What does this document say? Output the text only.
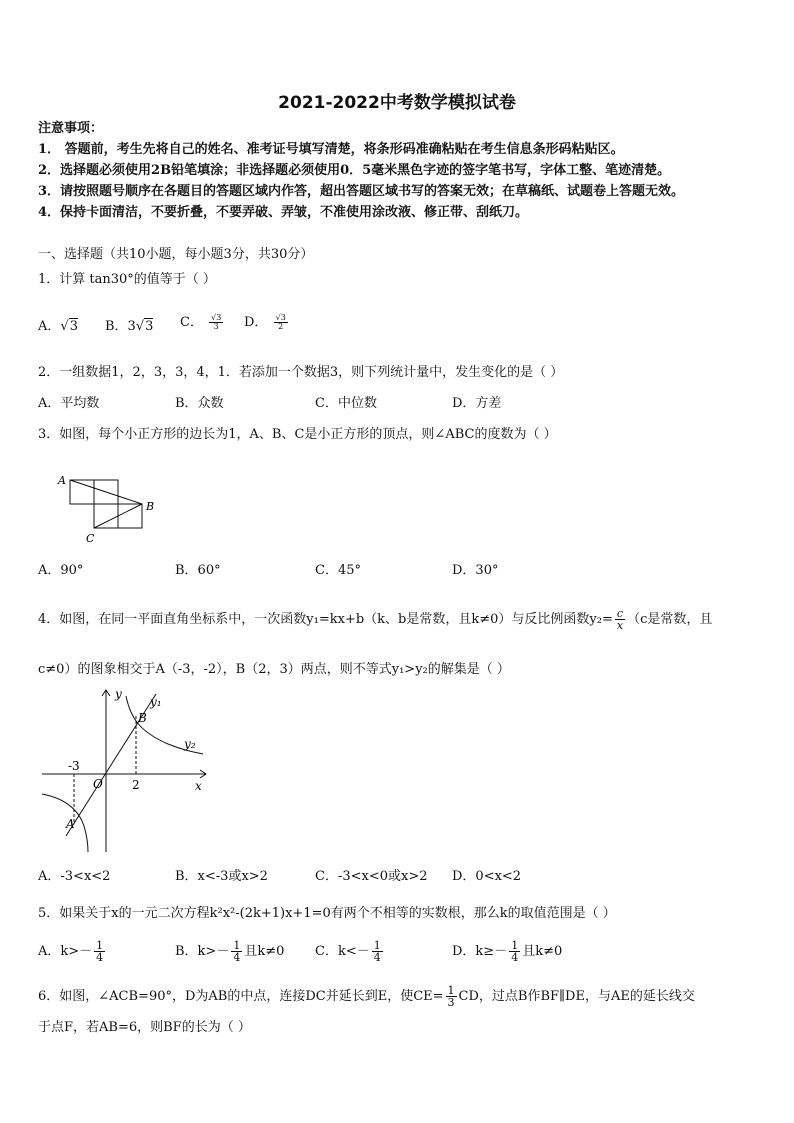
2021-2022中考数学模拟试卷
注意事项：
1． 答题前，考生先将自己的姓名、准考证号填写清楚，将条形码准确粘贴在考生信息条形码粘贴区。
2．选择题必须使用2B铅笔填涂；非选择题必须使用0．5毫米黑色字迹的签字笔书写，字体工整、笔迹清楚。
3．请按照题号顺序在各题目的答题区域内作答，超出答题区域书写的答案无效；在草稿纸、试题卷上答题无效。
4．保持卡面清洁，不要折叠，不要弄破、弄皱，不准使用涂改液、修正带、刮纸刀。
一、选择题（共10小题，每小题3分，共30分）
1．计算 tan30°的值等于（ ）
A．√3 B．3√3 C． $\frac{√3}{3}$ D． $\frac{√3}{2}$
2．一组数据1，2，3，3，4，1．若添加一个数据3，则下列统计量中，发生变化的是（ ）
A．平均数	B．众数	C．中位数	D．方差
3．如图，每个小正方形的边长为1，A、B、C是小正方形的顶点，则∠ABC的度数为（ ）
A
B
C
A．90°	B．60°	C．45°	D．30°
4．如图，在同一平面直角坐标系中，一次函数y₁=kx+b（k、b是常数，且k≠0）与反比例函数$y_2= \frac{c}{x} (c$是常数，且
c≠0）的图象相交于A（-3，-2），B（2，3）两点，则不等式y₁>y₂的解集是（ ）
y
x
O
-3
2
A
B
y₁
y₂
A．-3<x<2	B．x<-3或x>2	C．-3<x<0或x>2 D．0<x<2
5．如果关于x的一元二次方程k²x²-(2k+1)x+1=0有两个不相等的实数根，那么k的取值范围是（ ）
A．$k>- \frac{1}{4}$	B．$k>- \frac{1}{4}$ 且k≠0 C．$k<- \frac{1}{4}$	D．$k\ge- \frac{1}{4}$ 且k≠0
6．如图，∠ACB=90°，D为AB的中点，连接DC并延长到E，使$CE= \frac{1}{3}$ CD，过点B作BF∥DE，与AE的延长线交
于点F，若AB=6，则BF的长为（ ）
